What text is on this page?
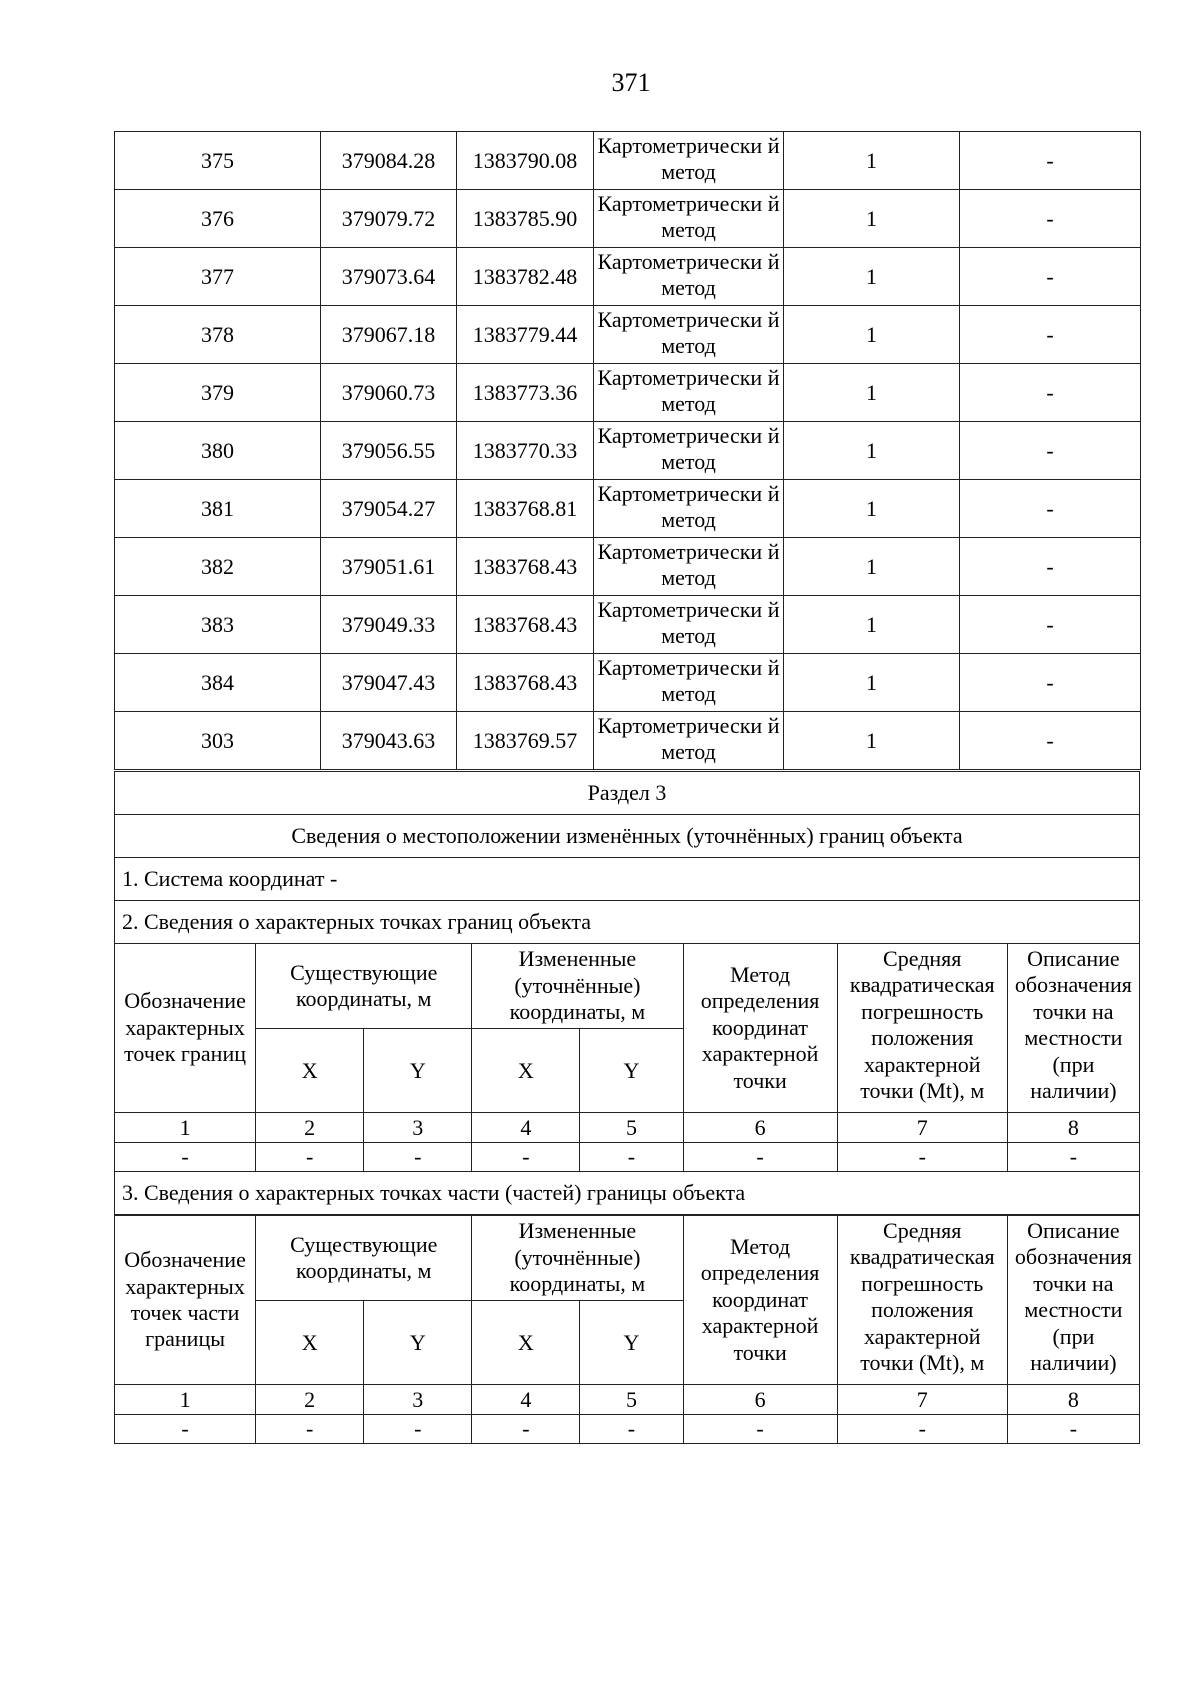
371
375	379084.28	1383790.08	Картометрически й метод	1	-
376	379079.72	1383785.90	Картометрически й метод	1	-
377	379073.64	1383782.48	Картометрически й метод	1	-
378	379067.18	1383779.44	Картометрически й метод	1	-
379	379060.73	1383773.36	Картометрически й метод	1	-
380	379056.55	1383770.33	Картометрически й метод	1	-
381	379054.27	1383768.81	Картометрически й метод	1	-
382	379051.61	1383768.43	Картометрически й метод	1	-
383	379049.33	1383768.43	Картометрически й метод	1	-
384	379047.43	1383768.43	Картометрически й метод	1	-
303	379043.63	1383769.57	Картометрически й метод	1	-
Раздел 3
Сведения о местоположении изменённых (уточнённых) границ объекта
1. Система координат -
2. Сведения о характерных точках границ объекта
Обозначение характерных точек границ	Существующие координаты, м		Измененные (уточнённые) координаты, м		Метод определения координат характерной точки	Средняя квадратическая погрешность положения характерной точки (Mt), м	Описание обозначения точки на местности (при наличии)
	X	Y	X	Y			
1	2	3	4	5	6	7	8
-	-	-	-	-	-	-	-
3. Сведения о характерных точках части (частей) границы объекта							
Обозначение характерных точек части границы	Существующие координаты, м		Измененные (уточнённые) координаты, м		Метод определения координат характерной точки	Средняя квадратическая погрешность положения характерной точки (Mt), м	Описание обозначения точки на местности (при наличии)
	X	Y	X	Y			
1	2	3	4	5	6	7	8
-	-	-	-	-	-	-	-
